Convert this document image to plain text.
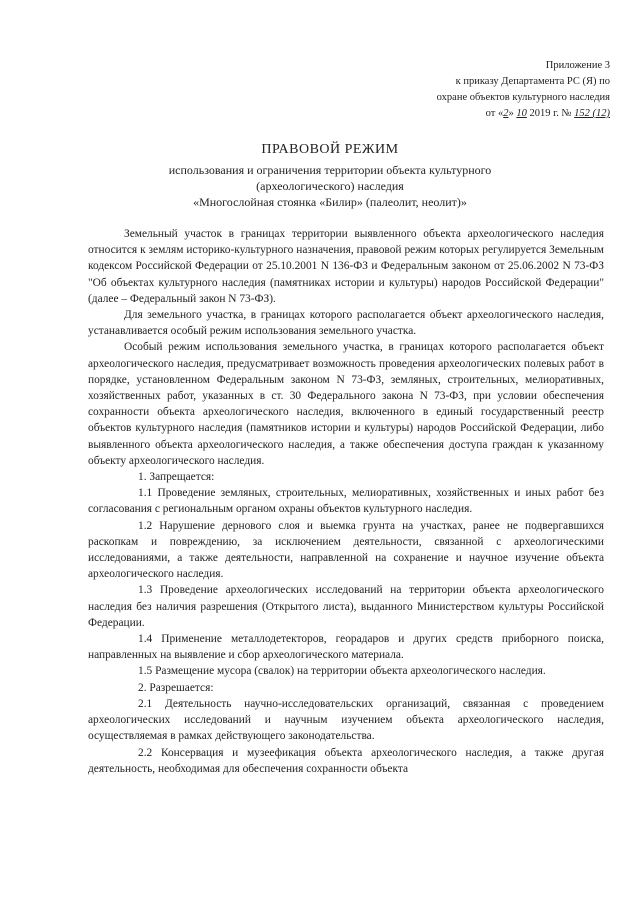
Приложение 3
к приказу Департамента РС (Я) по
охране объектов культурного наследия
от «2» 10 2019 г. № 152 (12)
ПРАВОВОЙ РЕЖИМ
использования и ограничения территории объекта культурного
(археологического) наследия
«Многослойная стоянка «Билир» (палеолит, неолит)»

Земельный участок в границах территории выявленного объекта археологического наследия относится к землям историко-культурного назначения, правовой режим которых регулируется Земельным кодексом Российской Федерации от 25.10.2001 N 136-ФЗ и Федеральным законом от 25.06.2002 N 73-ФЗ "Об объектах культурного наследия (памятниках истории и культуры) народов Российской Федерации" (далее – Федеральный закон N 73-ФЗ).

Для земельного участка, в границах которого располагается объект археологического наследия, устанавливается особый режим использования земельного участка.

Особый режим использования земельного участка, в границах которого располагается объект археологического наследия, предусматривает возможность проведения археологических полевых работ в порядке, установленном Федеральным законом N 73-ФЗ, земляных, строительных, мелиоративных, хозяйственных работ, указанных в ст. 30 Федерального закона N 73-ФЗ, при условии обеспечения сохранности объекта археологического наследия, включенного в единый государственный реестр объектов культурного наследия (памятников истории и культуры) народов Российской Федерации, либо выявленного объекта археологического наследия, а также обеспечения доступа граждан к указанному объекту археологического наследия.

1. Запрещается:

1.1 Проведение земляных, строительных, мелиоративных, хозяйственных и иных работ без согласования с региональным органом охраны объектов культурного наследия.

1.2 Нарушение дернового слоя и выемка грунта на участках, ранее не подвергавшихся раскопкам и повреждению, за исключением деятельности, связанной с археологическими исследованиями, а также деятельности, направленной на сохранение и научное изучение объекта археологического наследия.

1.3 Проведение археологических исследований на территории объекта археологического наследия без наличия разрешения (Открытого листа), выданного Министерством культуры Российской Федерации.

1.4 Применение металлодетекторов, георадаров и других средств приборного поиска, направленных на выявление и сбор археологического материала.

1.5 Размещение мусора (свалок) на территории объекта археологического наследия.

2. Разрешается:

2.1 Деятельность научно-исследовательских организаций, связанная с проведением археологических исследований и научным изучением объекта археологического наследия, осуществляемая в рамках действующего законодательства.

2.2 Консервация и музеефикация объекта археологического наследия, а также другая деятельность, необходимая для обеспечения сохранности объекта
